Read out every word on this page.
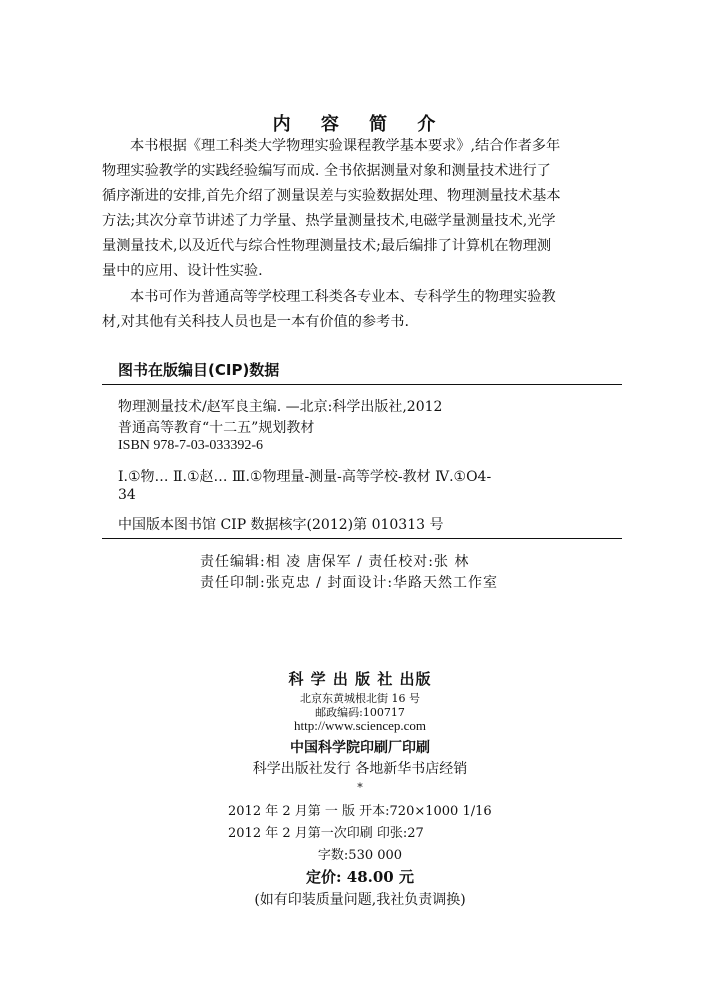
内 容 简 介
本书根据《理工科类大学物理实验课程教学基本要求》,结合作者多年
物理实验教学的实践经验编写而成. 全书依据测量对象和测量技术进行了
循序渐进的安排,首先介绍了测量误差与实验数据处理、物理测量技术基本
方法;其次分章节讲述了力学量、热学量测量技术,电磁学量测量技术,光学
量测量技术,以及近代与综合性物理测量技术;最后编排了计算机在物理测
量中的应用、设计性实验.
本书可作为普通高等学校理工科类各专业本、专科学生的物理实验教
材,对其他有关科技人员也是一本有价值的参考书.
图书在版编目(CIP)数据
物理测量技术/赵军良主编. —北京:科学出版社,2012
普通高等教育“十二五”规划教材
ISBN 978-7-03-033392-6
Ⅰ.①物… Ⅱ.①赵… Ⅲ.①物理量-测量-高等学校-教材 Ⅳ.①O4-
34
中国版本图书馆 CIP 数据核字(2012)第 010313 号
责任编辑:相 凌 唐保军 / 责任校对:张 林
责任印制:张克忠 / 封面设计:华路天然工作室
科 学 出 版 社 出版
北京东黄城根北街 16 号
邮政编码:100717
http://www.sciencep.com
中国科学院印刷厂印刷
科学出版社发行 各地新华书店经销
*
2012 年 2 月第 一 版 开本:720×1000 1/16
2012 年 2 月第一次印刷 印张:27
字数:530 000
定价: 48.00 元
(如有印装质量问题,我社负责调换)
